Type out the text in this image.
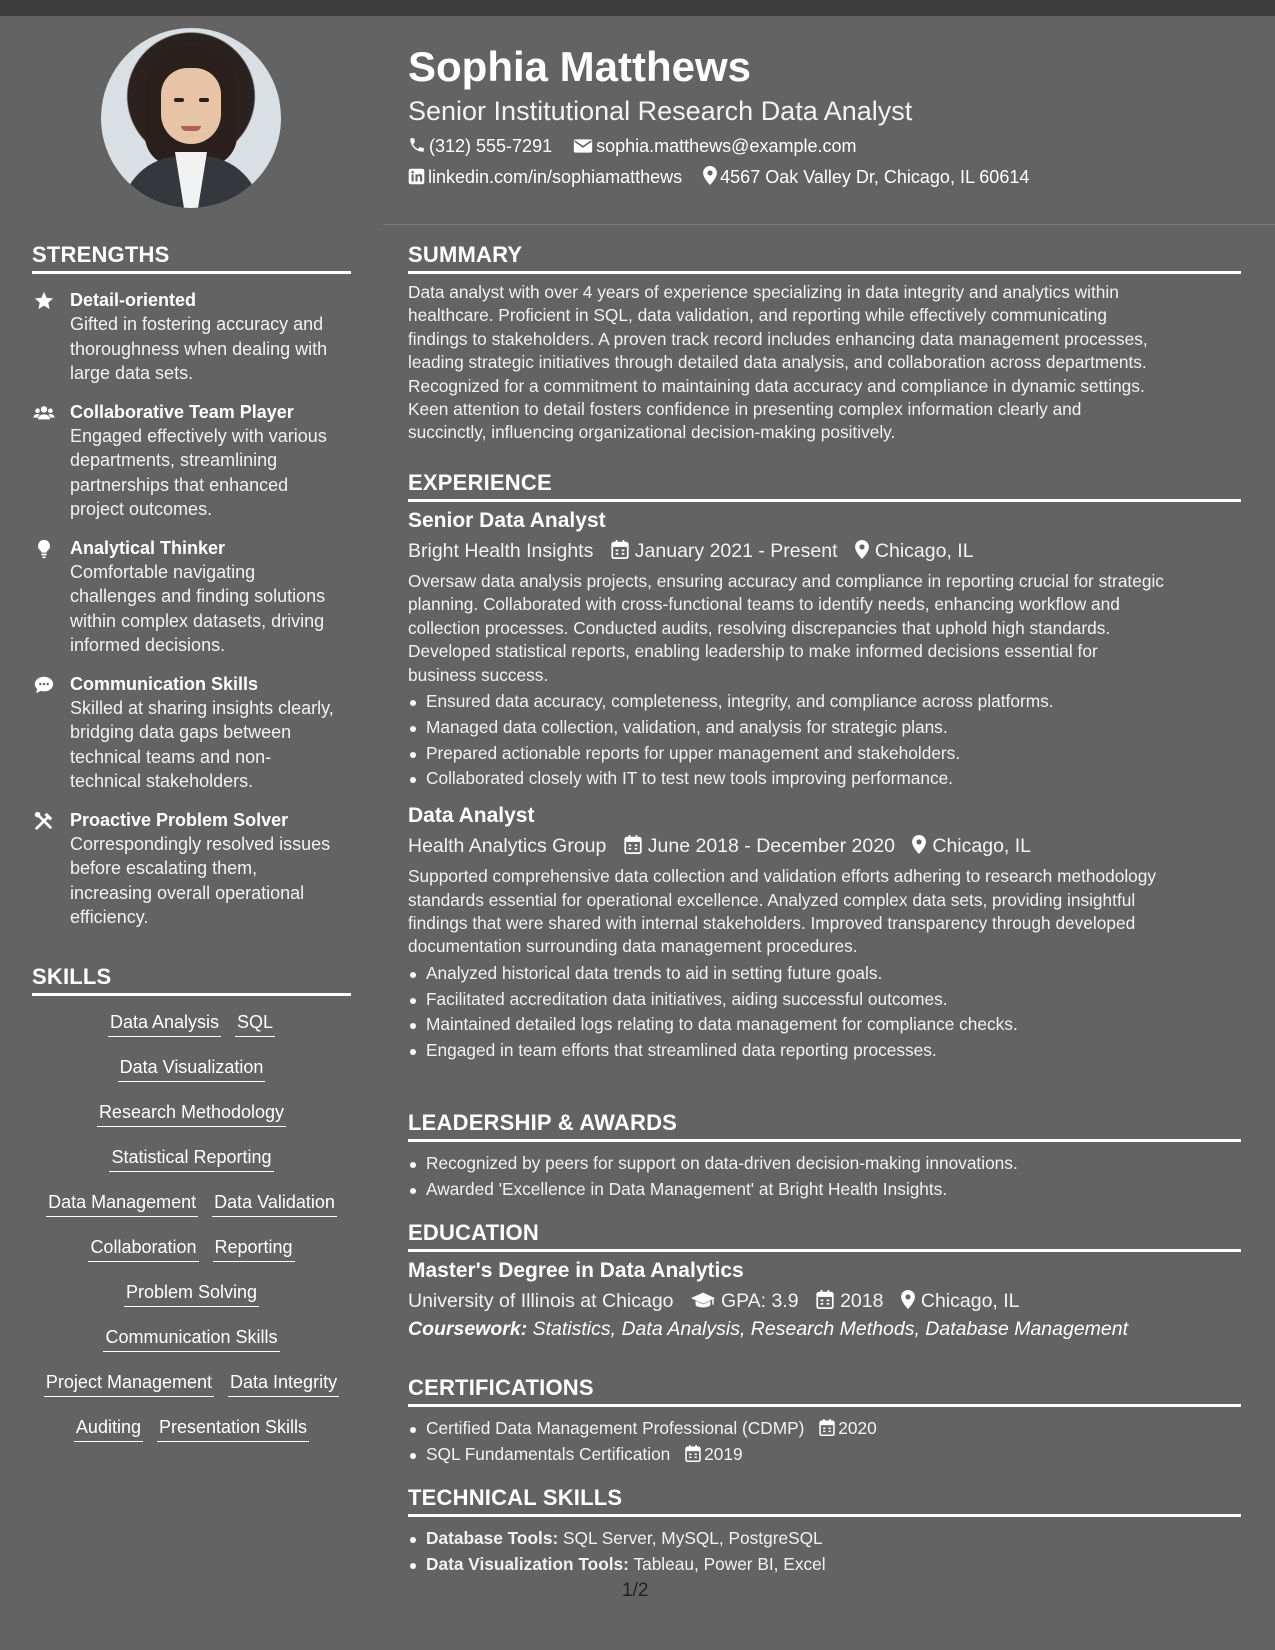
STRENGTHS
Detail-oriented
Gifted in fostering accuracy and
thoroughness when dealing with
large data sets.
Collaborative Team Player
Engaged effectively with various
departments, streamlining
partnerships that enhanced
project outcomes.
Analytical Thinker
Comfortable navigating
challenges and finding solutions
within complex datasets, driving
informed decisions.
Communication Skills
Skilled at sharing insights clearly,
bridging data gaps between
technical teams and non-
technical stakeholders.
Proactive Problem Solver
Correspondingly resolved issues
before escalating them,
increasing overall operational
efficiency.
SKILLS
Data Analysis SQL
Data Visualization
Research Methodology
Statistical Reporting
Data Management Data Validation
Collaboration Reporting
Problem Solving
Communication Skills
Project Management Data Integrity
Auditing Presentation Skills
Sophia Matthews
Senior Institutional Research Data Analyst
(312) 555-7291 sophia.matthews@example.com
linkedin.com/in/sophiamatthews 4567 Oak Valley Dr, Chicago, IL 60614
SUMMARY

Data analyst with over 4 years of experience specializing in data integrity and analytics within

healthcare. Proficient in SQL, data validation, and reporting while effectively communicating

findings to stakeholders. A proven track record includes enhancing data management processes,

leading strategic initiatives through detailed data analysis, and collaboration across departments.

Recognized for a commitment to maintaining data accuracy and compliance in dynamic settings.

Keen attention to detail fosters confidence in presenting complex information clearly and

succinctly, influencing organizational decision-making positively.

EXPERIENCE
Senior Data Analyst
Bright Health Insights January 2021 - Present Chicago, IL

Oversaw data analysis projects, ensuring accuracy and compliance in reporting crucial for strategic

planning. Collaborated with cross-functional teams to identify needs, enhancing workflow and

collection processes. Conducted audits, resolving discrepancies that uphold high standards.

Developed statistical reports, enabling leadership to make informed decisions essential for

business success.

Ensured data accuracy, completeness, integrity, and compliance across platforms.
Managed data collection, validation, and analysis for strategic plans.
Prepared actionable reports for upper management and stakeholders.
Collaborated closely with IT to test new tools improving performance.
Data Analyst
Health Analytics Group June 2018 - December 2020 Chicago, IL

Supported comprehensive data collection and validation efforts adhering to research methodology

standards essential for operational excellence. Analyzed complex data sets, providing insightful

findings that were shared with internal stakeholders. Improved transparency through developed

documentation surrounding data management procedures.

Analyzed historical data trends to aid in setting future goals.
Facilitated accreditation data initiatives, aiding successful outcomes.
Maintained detailed logs relating to data management for compliance checks.
Engaged in team efforts that streamlined data reporting processes.
LEADERSHIP & AWARDS
Recognized by peers for support on data-driven decision-making innovations.
Awarded 'Excellence in Data Management' at Bright Health Insights.
EDUCATION
Master's Degree in Data Analytics
University of Illinois at Chicago GPA: 3.9 2018 Chicago, IL
Coursework: Statistics, Data Analysis, Research Methods, Database Management
CERTIFICATIONS
Certified Data Management Professional (CDMP) 2020
SQL Fundamentals Certification 2019
TECHNICAL SKILLS
Database Tools: SQL Server, MySQL, PostgreSQL
Data Visualization Tools: Tableau, Power BI, Excel
1/2
